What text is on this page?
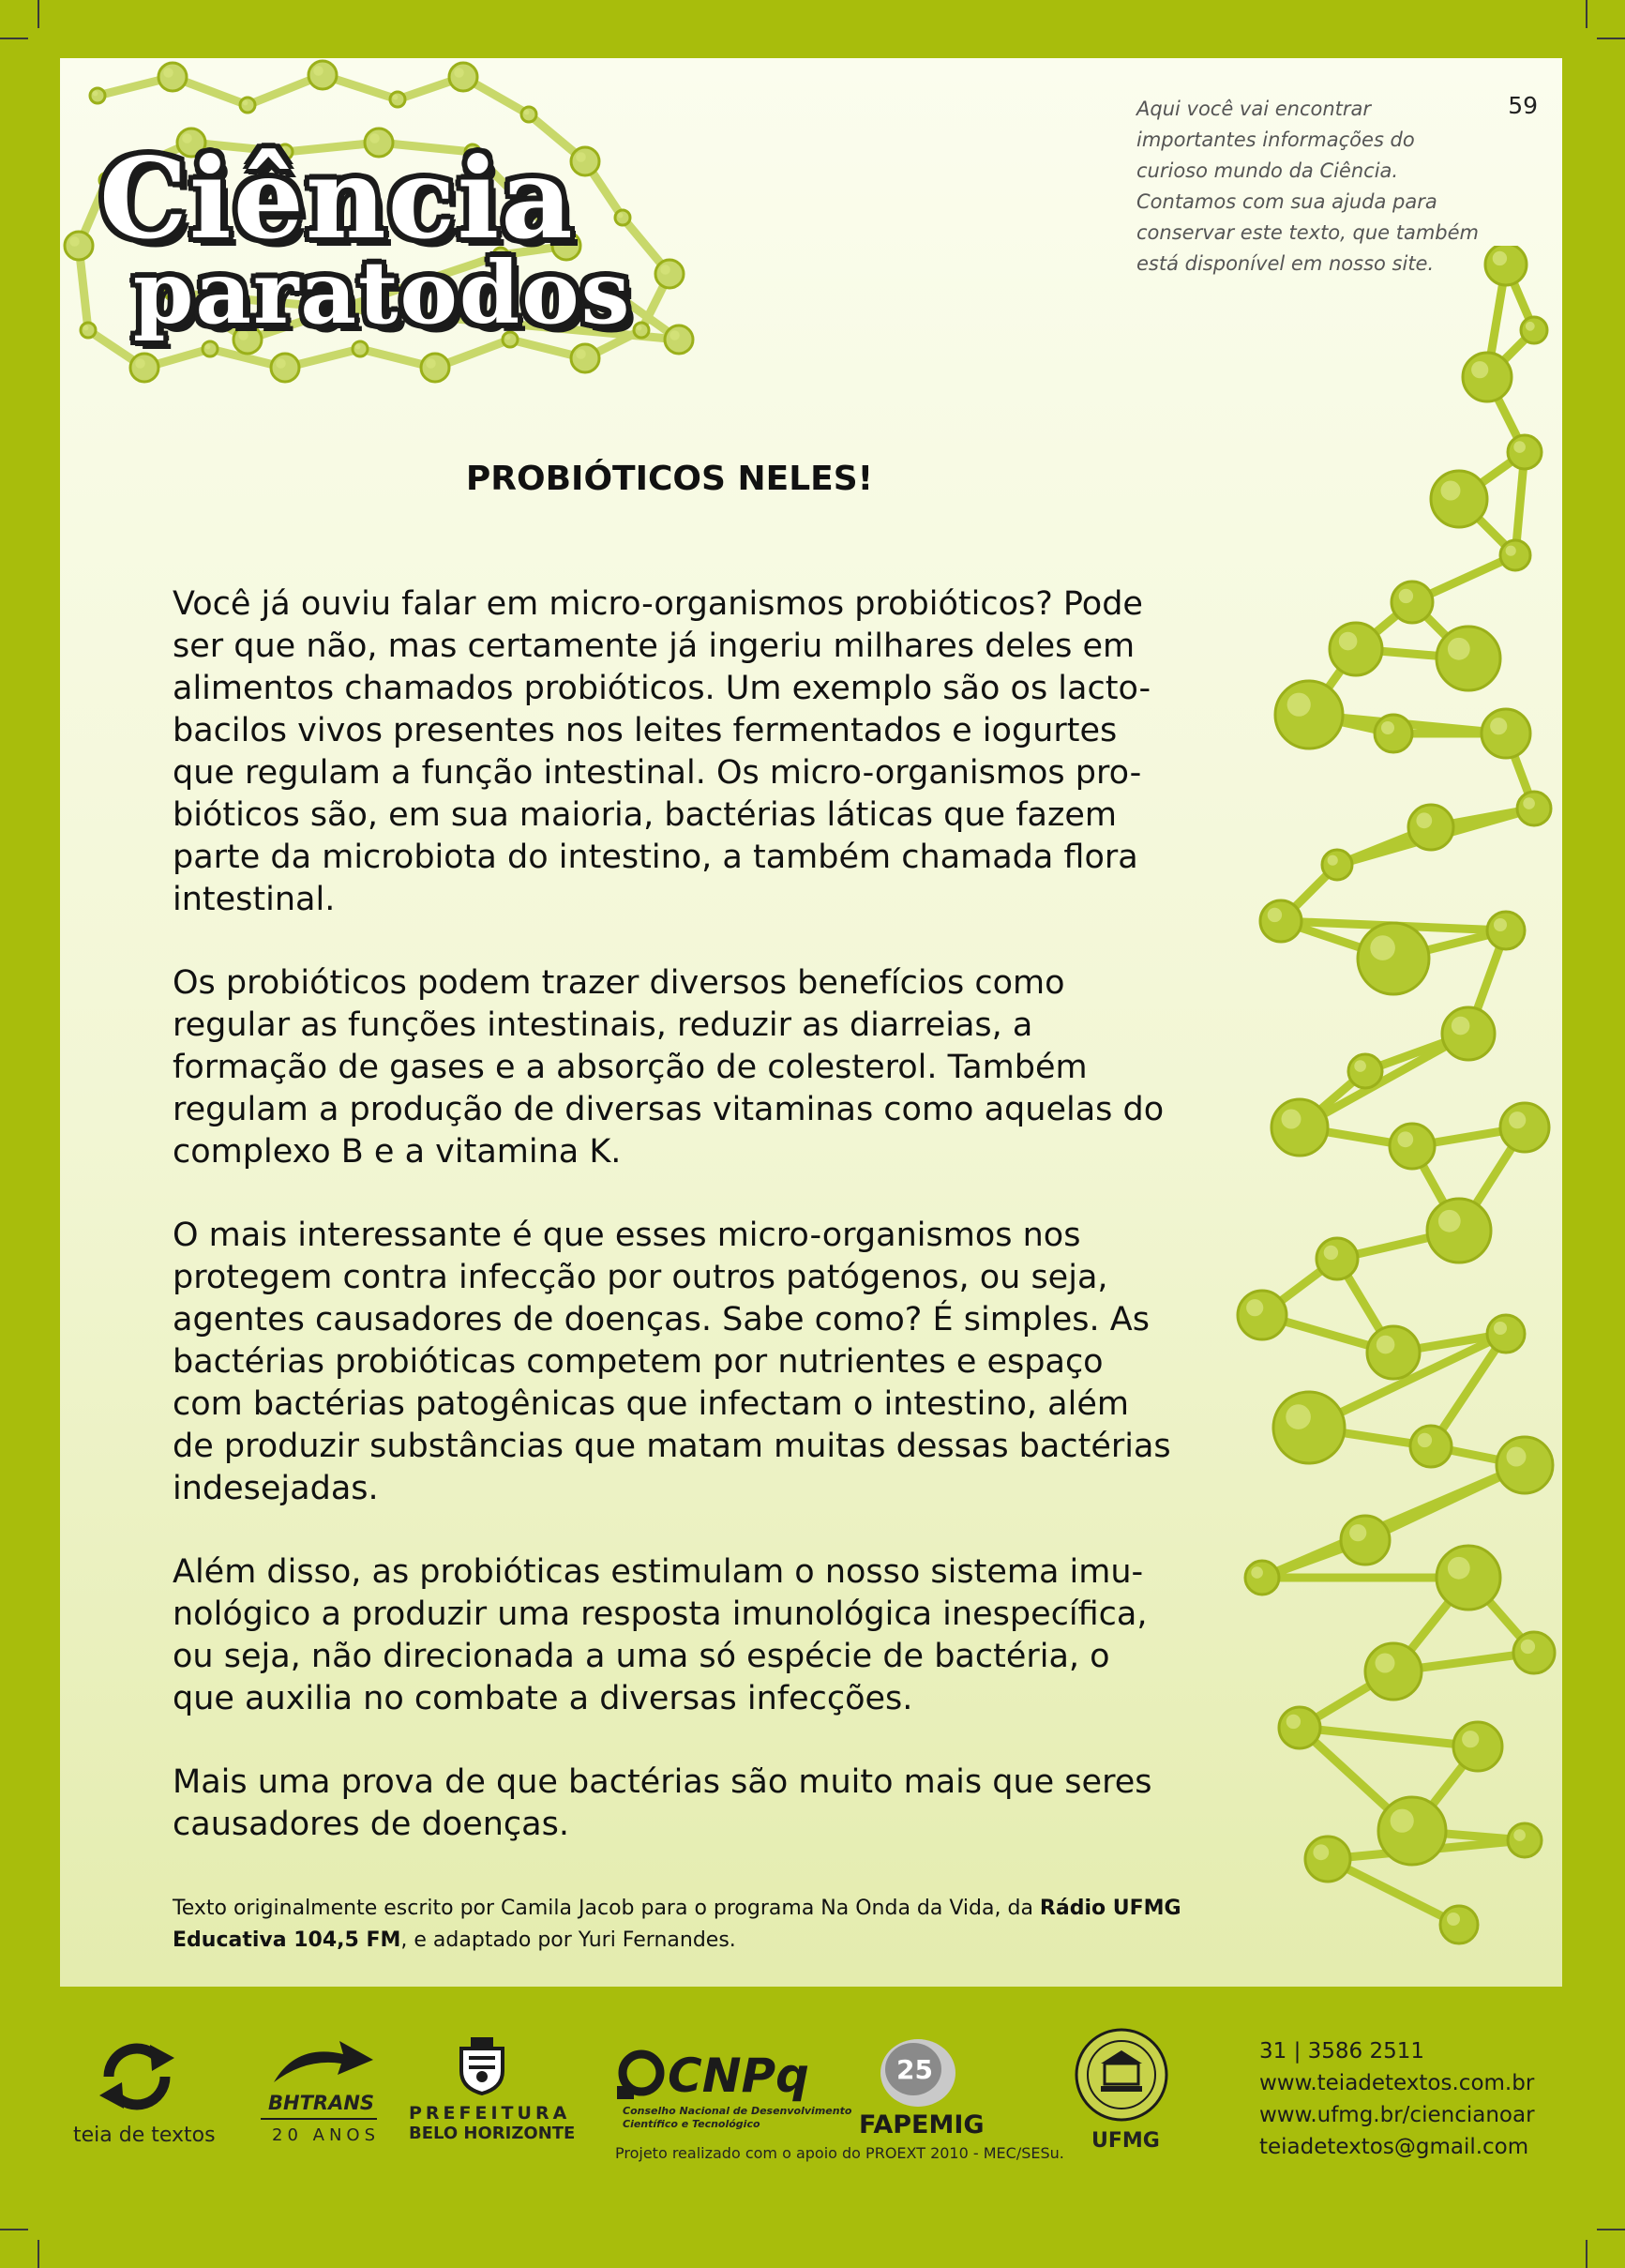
Ciência
paratodos
Aqui você vai encontrar
importantes informações do
curioso mundo da Ciência.
Contamos com sua ajuda para
conservar este texto, que também
está disponível em nosso site.
59
PROBIÓTICOS NELES!

Você já ouviu falar em micro-organismos probióticos? Pode ser que não, mas certamente já ingeriu milhares deles em alimentos chamados probióticos. Um exemplo são os lacto-bacilos vivos presentes nos leites fermentados e iogurtes que regulam a função intestinal. Os micro-organismos pro-bióticos são, em sua maioria, bactérias láticas que fazem parte da microbiota do intestino, a também chamada flora intestinal.

Os probióticos podem trazer diversos benefícios como regular as funções intestinais, reduzir as diarreias, a formação de gases e a absorção de colesterol. Também regulam a produção de diversas vitaminas como aquelas do complexo B e a vitamina K.

O mais interessante é que esses micro-organismos nos protegem contra infecção por outros patógenos, ou seja, agentes causadores de doenças. Sabe como? É simples. As bactérias probióticas competem por nutrientes e espaço com bactérias patogênicas que infectam o intestino, além de produzir substâncias que matam muitas dessas bactérias indesejadas.

Além disso, as probióticas estimulam o nosso sistema imu-nológico a produzir uma resposta imunológica inespecífica, ou seja, não direcionada a uma só espécie de bactéria, o que auxilia no combate a diversas infecções.

Mais uma prova de que bactérias são muito mais que seres causadores de doenças.

Texto originalmente escrito por Camila Jacob para o programa Na Onda da Vida, da Rádio UFMG Educativa 104,5 FM, e adaptado por Yuri Fernandes.
teia de textos
BHTRANS
20 ANOS
PREFEITURA
BELO HORIZONTE
CNPq
Conselho Nacional de Desenvolvimento
Científico e Tecnológico
25
FAPEMIG
Projeto realizado com o apoio do PROEXT 2010 - MEC/SESu.
UFMG
31 | 3586 2511
www.teiadetextos.com.br
www.ufmg.br/ciencianoar
teiadetextos@gmail.com
